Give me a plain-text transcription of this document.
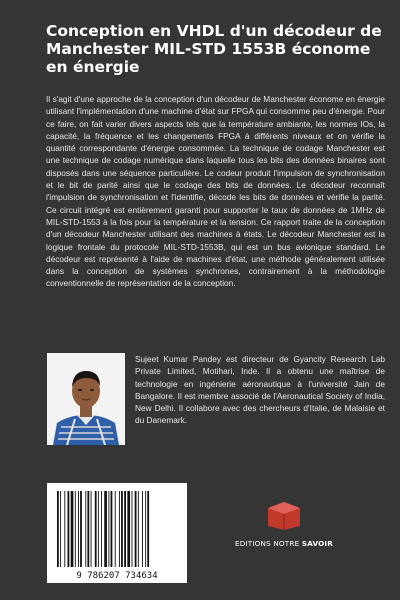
Conception en VHDL d'un décodeur de Manchester MIL-STD 1553B économe en énergie

Il s'agit d'une approche de la conception d'un décodeur de Manchester économe en énergie utilisant l'implémentation d'une machine d'état sur FPGA qui consomme peu d'énergie. Pour ce faire, on fait varier divers aspects tels que la température ambiante, les normes IOs, la capacité, la fréquence et les changements FPGA à différents niveaux et on vérifie la quantité correspondante d'énergie consommée. La technique de codage Manchester est une technique de codage numérique dans laquelle tous les bits des données binaires sont disposés dans une séquence particulière. Le codeur produit l'impulsion de synchronisation et le bit de parité ainsi que le codage des bits de données. Le décodeur reconnaît l'impulsion de synchronisation et l'identifie, décode les bits de données et vérifie la parité. Ce circuit intégré est entièrement garanti pour supporter le taux de données de 1MHz de MIL-STD-1553 à la fois pour la température et la tension. Ce rapport traite de la conception d'un décodeur Manchester utilisant des machines à états. Le décodeur Manchester est la logique frontale du protocole MIL-STD-1553B, qui est un bus avionique standard. Le décodeur est représenté à l'aide de machines d'état, une méthode généralement utilisée dans la conception de systèmes synchrones, contrairement à la méthodologie conventionnelle de représentation de la conception.

Sujeet Kumar Pandey est directeur de Gyancity Research Lab Private Limited, Motihari, Inde. Il a obtenu une maîtrise de technologie en ingénierie aéronautique à l'université Jain de Bangalore. Il est membre associé de l'Aeronautical Society of India, New Delhi. Il collabore avec des chercheurs d'Italie, de Malaisie et du Danemark.

9 786207 734634
EDITIONS NOTRE SAVOIR
